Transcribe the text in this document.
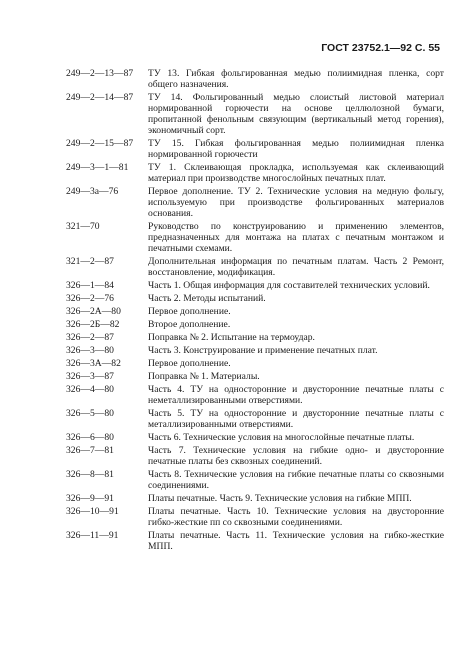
ГОСТ 23752.1—92 С. 55
249—2—13—87	ТУ 13. Гибкая фольгированная медью полиимидная пленка, сорт общего назначения.
249—2—14—87	ТУ 14. Фольгированный медью слоистый листовой материал нормированной горючести на основе целлюлозной бумаги, пропитанной фенольным связующим (вертикальный метод горения), экономичный сорт.
249—2—15—87	ТУ 15. Гибкая фольгированная медью полиимидная пленка нормированной горючести
249—3—1—81	ТУ 1. Склеивающая прокладка, используемая как склеивающий материал при производстве многослойных печатных плат.
249—3а—76	Первое дополнение. ТУ 2. Технические условия на медную фольгу, используемую при производстве фольгированных материалов основания.
321—70	Руководство по конструированию и применению элементов, предназначенных для монтажа на платах с печатным монтажом и печатными схемами.
321—2—87	Дополнительная информация по печатным платам. Часть 2 Ремонт, восстановление, модификация.
326—1—84	Часть 1. Общая информация для составителей технических условий.
326—2—76	Часть 2. Методы испытаний.
326—2А—80	Первое дополнение.
326—2Б—82	Второе дополнение.
326—2—87	Поправка № 2. Испытание на термоудар.
326—3—80	Часть 3. Конструирование и применение печатных плат.
326—3А—82	Первое дополнение.
326—3—87	Поправка № 1. Материалы.
326—4—80	Часть 4. ТУ на односторонние и двусторонние печатные платы с неметаллизированными отверстиями.
326—5—80	Часть 5. ТУ на односторонние и двусторонние печатные платы с металлизированными отверстиями.
326—6—80	Часть 6. Технические условия на многослойные печатные платы.
326—7—81	Часть 7. Технические условия на гибкие одно- и двусторонние печатные платы без сквозных соединений.
326—8—81	Часть 8. Технические условия на гибкие печатные платы со сквозными соединениями.
326—9—91	Платы печатные. Часть 9. Технические условия на гибкие МПП.
326—10—91	Платы печатные. Часть 10. Технические условия на двусторонние гибко-жесткие пп со сквозными соединениями.
326—11—91	Платы печатные. Часть 11. Технические условия на гибко-жесткие МПП.
